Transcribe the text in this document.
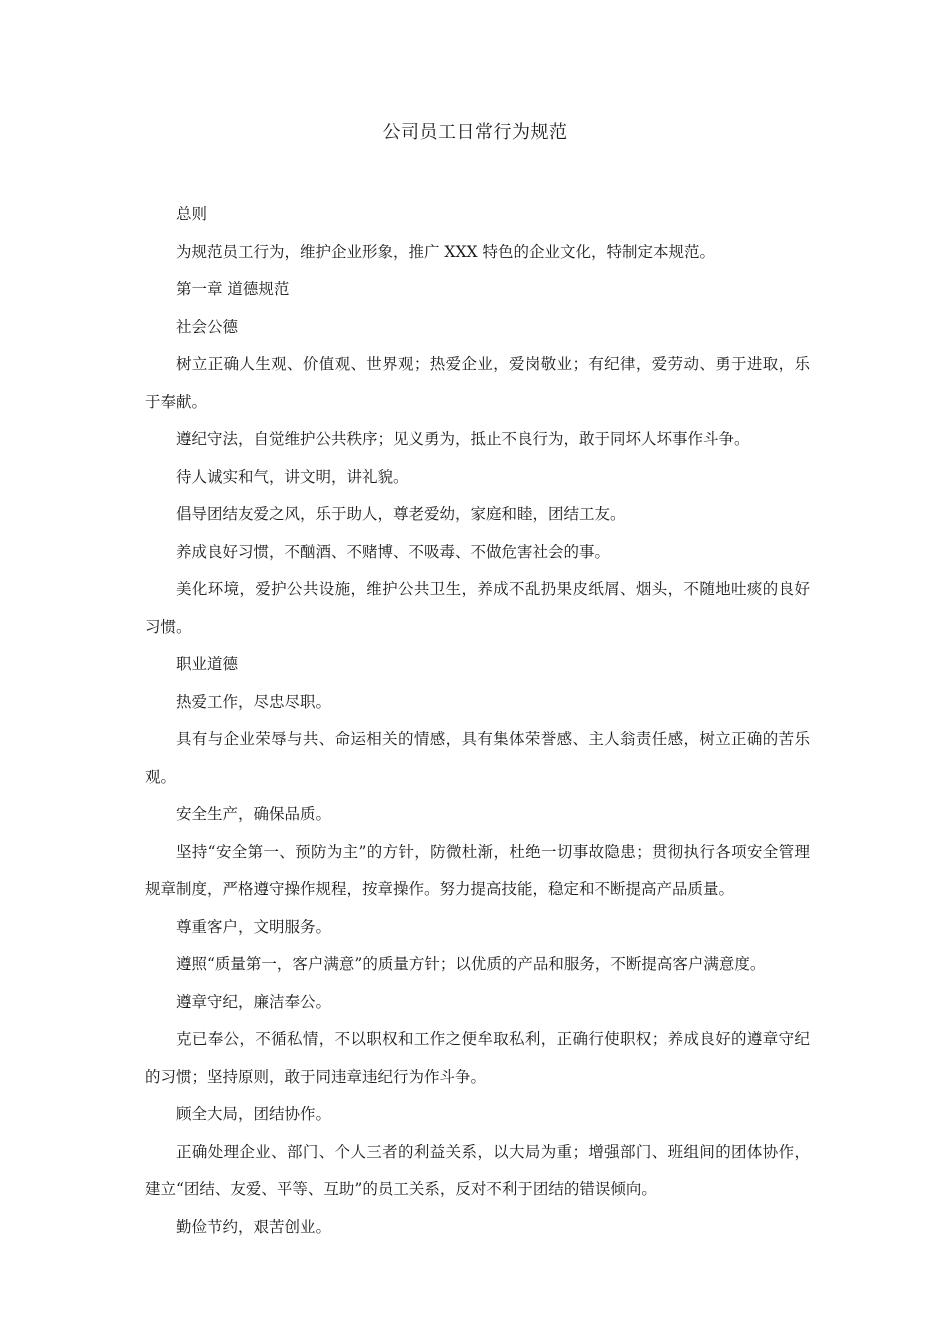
公司员工日常行为规范

总则

为规范员工行为，维护企业形象，推广 XXX 特色的企业文化，特制定本规范。

第一章 道德规范

社会公德

树立正确人生观、价值观、世界观；热爱企业，爱岗敬业；有纪律，爱劳动、勇于进取，乐于奉献。

遵纪守法，自觉维护公共秩序；见义勇为，抵止不良行为，敢于同坏人坏事作斗争。

待人诚实和气，讲文明，讲礼貌。

倡导团结友爱之风，乐于助人，尊老爱幼，家庭和睦，团结工友。

养成良好习惯，不酗酒、不赌博、不吸毒、不做危害社会的事。

美化环境，爱护公共设施，维护公共卫生，养成不乱扔果皮纸屑、烟头，不随地吐痰的良好习惯。

职业道德

热爱工作，尽忠尽职。

具有与企业荣辱与共、命运相关的情感，具有集体荣誉感、主人翁责任感，树立正确的苦乐观。

安全生产，确保品质。

坚持“安全第一、预防为主”的方针，防微杜渐，杜绝一切事故隐患；贯彻执行各项安全管理规章制度，严格遵守操作规程，按章操作。努力提高技能，稳定和不断提高产品质量。

尊重客户，文明服务。

遵照“质量第一，客户满意”的质量方针；以优质的产品和服务，不断提高客户满意度。

遵章守纪，廉洁奉公。

克已奉公，不循私情，不以职权和工作之便牟取私利，正确行使职权；养成良好的遵章守纪的习惯；坚持原则，敢于同违章违纪行为作斗争。

顾全大局，团结协作。

正确处理企业、部门、个人三者的利益关系，以大局为重；增强部门、班组间的团体协作，建立“团结、友爱、平等、互助”的员工关系，反对不利于团结的错误倾向。

勤俭节约，艰苦创业。
